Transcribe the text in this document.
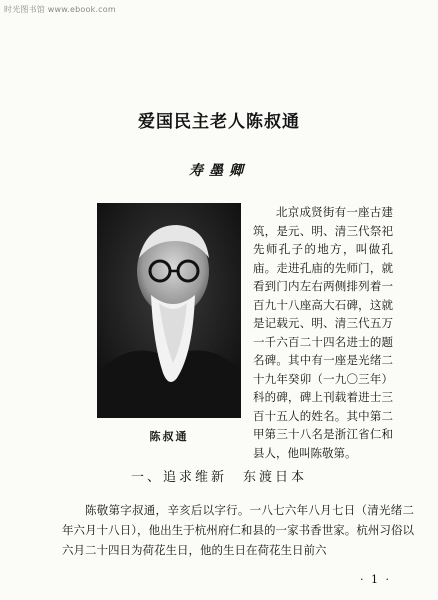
时光图书馆 www.ebook.com
爱国民主老人陈叔通
寿墨卿
陈叔通

北京成贤街有一座古建筑，是元、明、清三代祭祀先师孔子的地方，叫做孔庙。走进孔庙的先师门，就看到门内左右两侧排列着一百九十八座高大石碑，这就是记载元、明、清三代五万一千六百二十四名进士的题名碑。其中有一座是光绪二十九年癸卯（一九〇三年）科的碑，碑上刊载着进士三百十五人的姓名。其中第二甲第三十八名是浙江省仁和县人，他叫陈敬第。

一、追求维新　东渡日本

陈敬第字叔通，辛亥后以字行。一八七六年八月七日（清光绪二年六月十八日），他出生于杭州府仁和县的一家书香世家。杭州习俗以六月二十四日为荷花生日，他的生日在荷花生日前六

· 1 ·
